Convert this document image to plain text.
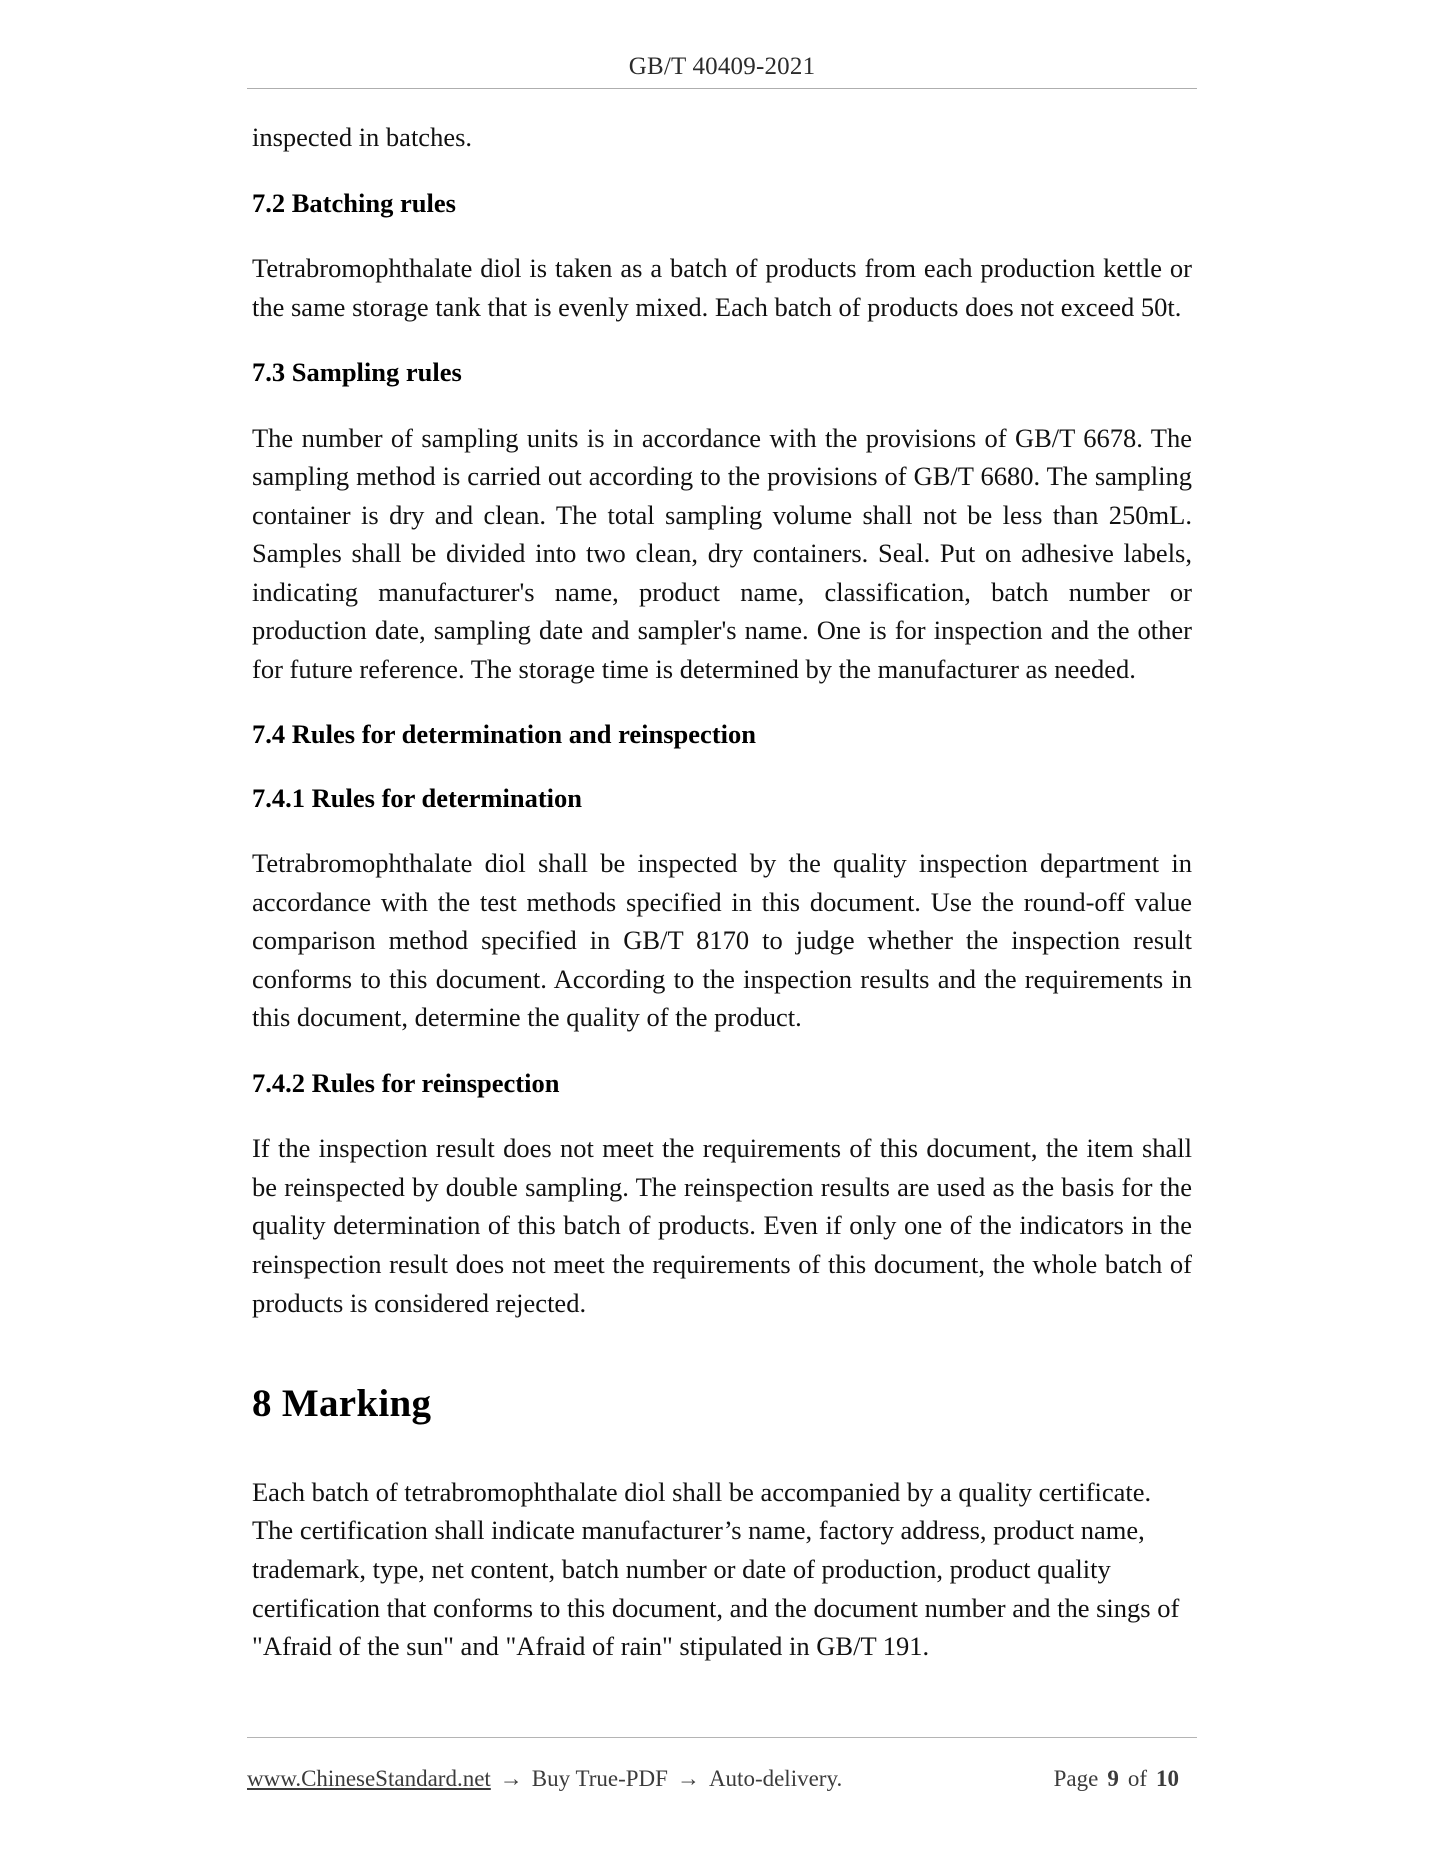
GB/T 40409-2021

inspected in batches.

7.2 Batching rules

Tetrabromophthalate diol is taken as a batch of products from each production kettle or the same storage tank that is evenly mixed. Each batch of products does not exceed 50t.

7.3 Sampling rules

The number of sampling units is in accordance with the provisions of GB/T 6678. The sampling method is carried out according to the provisions of GB/T 6680. The sampling container is dry and clean. The total sampling volume shall not be less than 250mL. Samples shall be divided into two clean, dry containers. Seal. Put on adhesive labels, indicating manufacturer's name, product name, classification, batch number or production date, sampling date and sampler's name. One is for inspection and the other for future reference. The storage time is determined by the manufacturer as needed.

7.4 Rules for determination and reinspection
7.4.1 Rules for determination

Tetrabromophthalate diol shall be inspected by the quality inspection department in accordance with the test methods specified in this document. Use the round-off value comparison method specified in GB/T 8170 to judge whether the inspection result conforms to this document. According to the inspection results and the requirements in this document, determine the quality of the product.

7.4.2 Rules for reinspection

If the inspection result does not meet the requirements of this document, the item shall be reinspected by double sampling. The reinspection results are used as the basis for the quality determination of this batch of products. Even if only one of the indicators in the reinspection result does not meet the requirements of this document, the whole batch of products is considered rejected.

8 Marking

Each batch of tetrabromophthalate diol shall be accompanied by a quality certificate. The certification shall indicate manufacturer’s name, factory address, product name, trademark, type, net content, batch number or date of production, product quality certification that conforms to this document, and the document number and the sings of "Afraid of the sun" and "Afraid of rain" stipulated in GB/T 191.

www.ChineseStandard.net → Buy True-PDF → Auto-delivery.	Page 9 of 10
